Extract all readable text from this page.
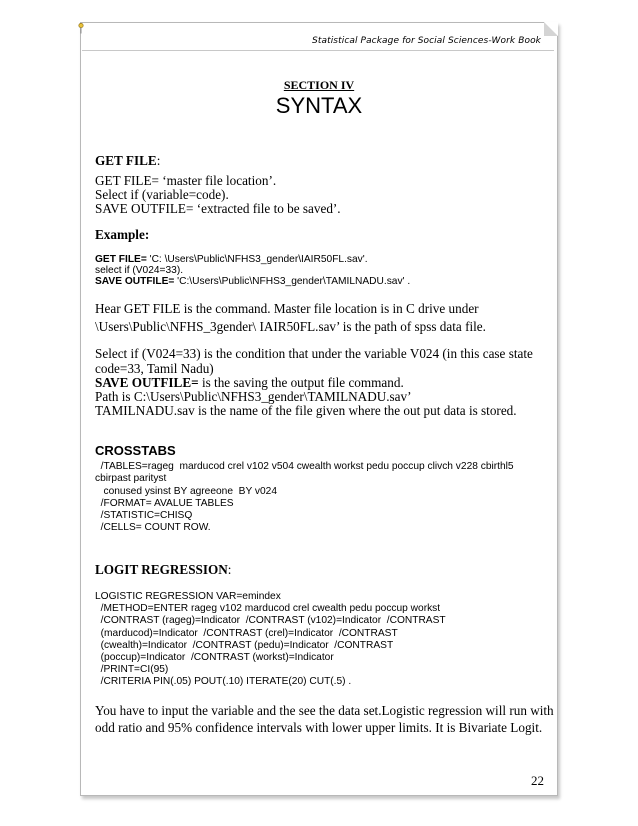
Statistical Package for Social Sciences-Work Book
SECTION IV
SYNTAX
GET FILE:
GET FILE= ‘master file location’.
Select if (variable=code).
SAVE OUTFILE= ‘extracted file to be saved’.
Example:
GET FILE= 'C: \Users\Public\NFHS3_gender\IAIR50FL.sav'.
select if (V024=33).
SAVE OUTFILE= 'C:\Users\Public\NFHS3_gender\TAMILNADU.sav' .
Hear GET FILE is the command. Master file location is in C drive under
\Users\Public\NFHS_3gender\ IAIR50FL.sav’ is the path of spss data file.
Select if (V024=33) is the condition that under the variable V024 (in this case state
code=33, Tamil Nadu)
SAVE OUTFILE= is the saving the output file command.
Path is C:\Users\Public\NFHS3_gender\TAMILNADU.sav’
TAMILNADU.sav is the name of the file given where the out put data is stored.
CROSSTABS
/TABLES=rageg  marducod crel v102 v504 cwealth workst pedu poccup clivch v228 cbirthl5
cbirpast parityst
conused ysinst BY agreeone  BY v024
/FORMAT= AVALUE TABLES
/STATISTIC=CHISQ
/CELLS= COUNT ROW.
LOGIT REGRESSION:
LOGISTIC REGRESSION VAR=emindex
/METHOD=ENTER rageg v102 marducod crel cwealth pedu poccup workst
/CONTRAST (rageg)=Indicator  /CONTRAST (v102)=Indicator  /CONTRAST
(marducod)=Indicator  /CONTRAST (crel)=Indicator  /CONTRAST
(cwealth)=Indicator  /CONTRAST (pedu)=Indicator  /CONTRAST
(poccup)=Indicator  /CONTRAST (workst)=Indicator
/PRINT=CI(95)
/CRITERIA PIN(.05) POUT(.10) ITERATE(20) CUT(.5) .
You have to input the variable and the see the data set.Logistic regression will run with
odd ratio and 95% confidence intervals with lower upper limits. It is Bivariate Logit.
22
